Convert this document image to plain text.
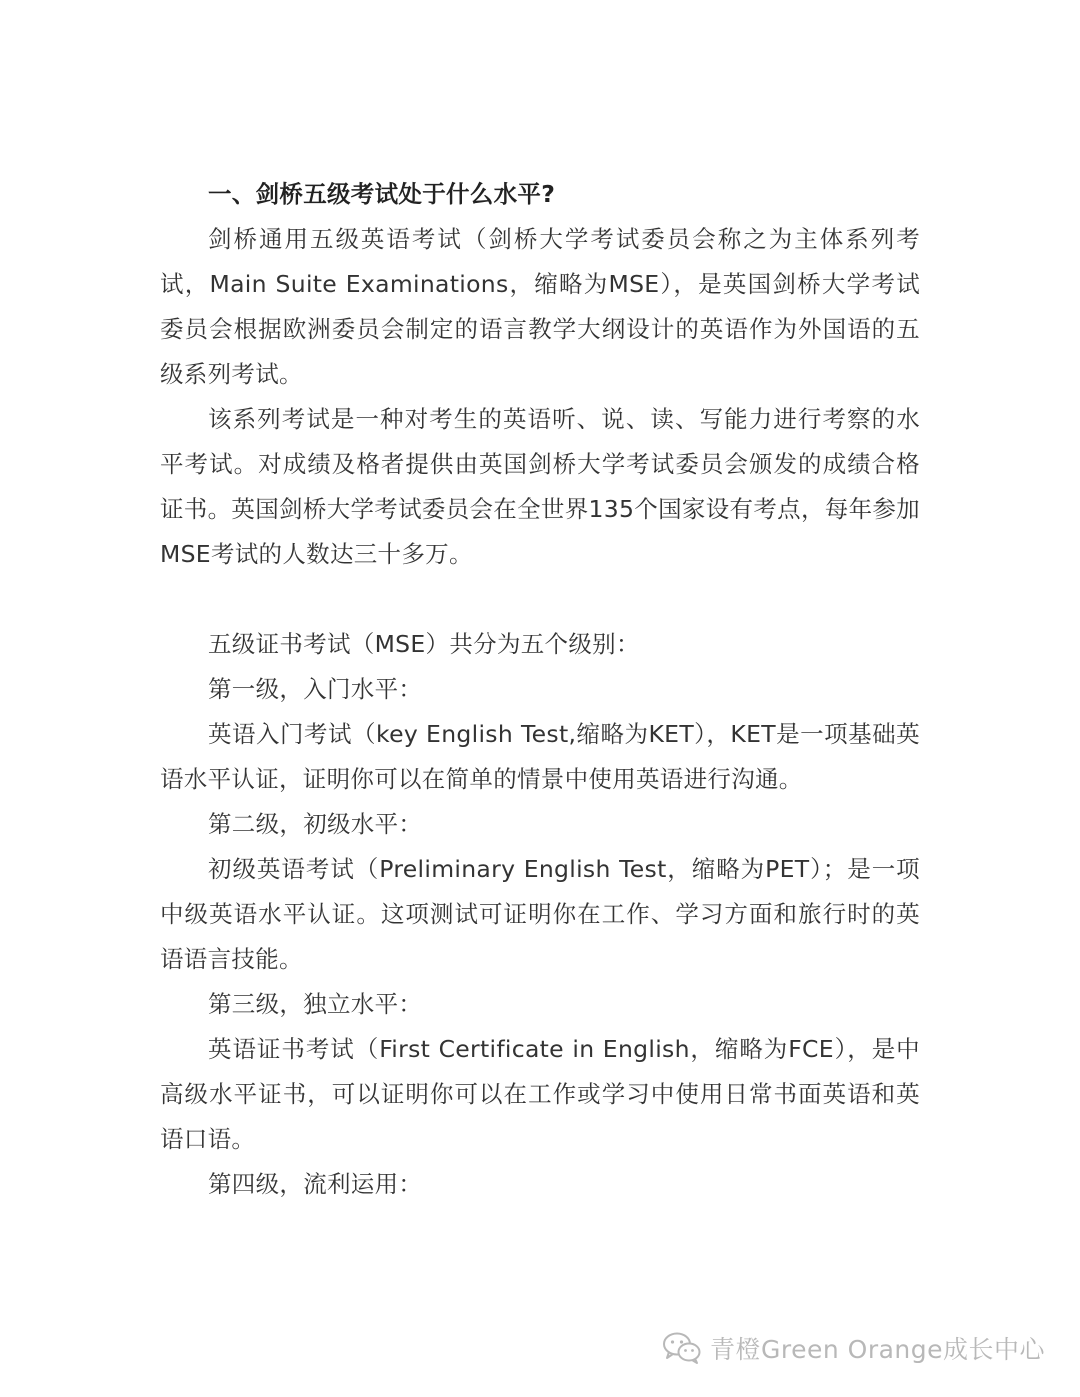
一、剑桥五级考试处于什么水平?

剑桥通用五级英语考试（剑桥大学考试委员会称之为主体系列考试，Main Suite Examinations，缩略为MSE），是英国剑桥大学考试委员会根据欧洲委员会制定的语言教学大纲设计的英语作为外国语的五级系列考试。

该系列考试是一种对考生的英语听、说、读、写能力进行考察的水平考试。对成绩及格者提供由英国剑桥大学考试委员会颁发的成绩合格证书。英国剑桥大学考试委员会在全世界135个国家设有考点，每年参加MSE考试的人数达三十多万。

五级证书考试（MSE）共分为五个级别：

第一级，入门水平：

英语入门考试（key English Test,缩略为KET），KET是一项基础英语水平认证，证明你可以在简单的情景中使用英语进行沟通。

第二级，初级水平：

初级英语考试（Preliminary English Test，缩略为PET）；是一项中级英语水平认证。这项测试可证明你在工作、学习方面和旅行时的英语语言技能。

第三级，独立水平：

英语证书考试（First Certificate in English，缩略为FCE），是中高级水平证书，可以证明你可以在工作或学习中使用日常书面英语和英语口语。

第四级，流利运用：

青橙Green Orange成长中心
